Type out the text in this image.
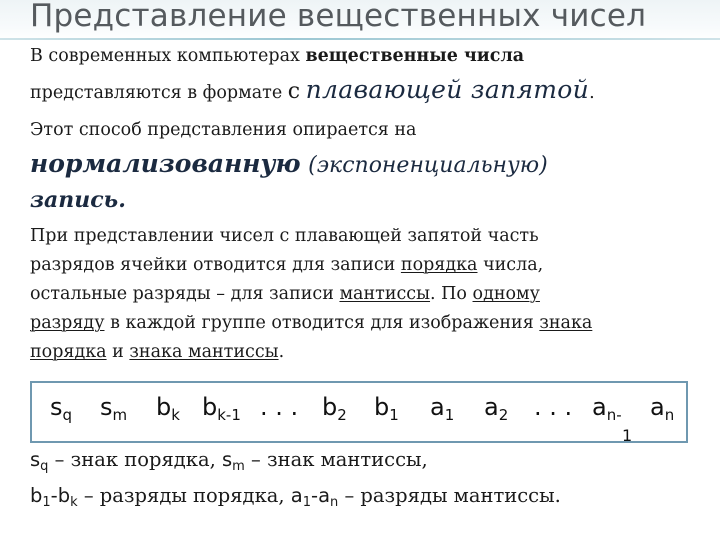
Представление вещественных чисел
В современных компьютерах вещественные числа
представляются в формате с плавающей запятой.
Этот способ представления опирается на
нормализованную (экспоненциальную)
запись.
При представлении чисел с плавающей запятой часть
разрядов ячейки отводится для записи порядка числа,
остальные разряды – для записи мантиссы. По одному
разряду в каждой группе отводится для изображения знака
порядка и знака мантиссы.
$s_q$ $s_m$ $b_k$ $b_{k-1}$ . . . $b_2$ $b_1$ $a_1$ $a_2$ . . . $a_{n-}$
1
$a_n$
$s_q$ – знак порядка, $s_m$ – знак мантиссы,
$b_1-b_k$ – разряды порядка, $a_1-a_n$ – разряды мантиссы.
